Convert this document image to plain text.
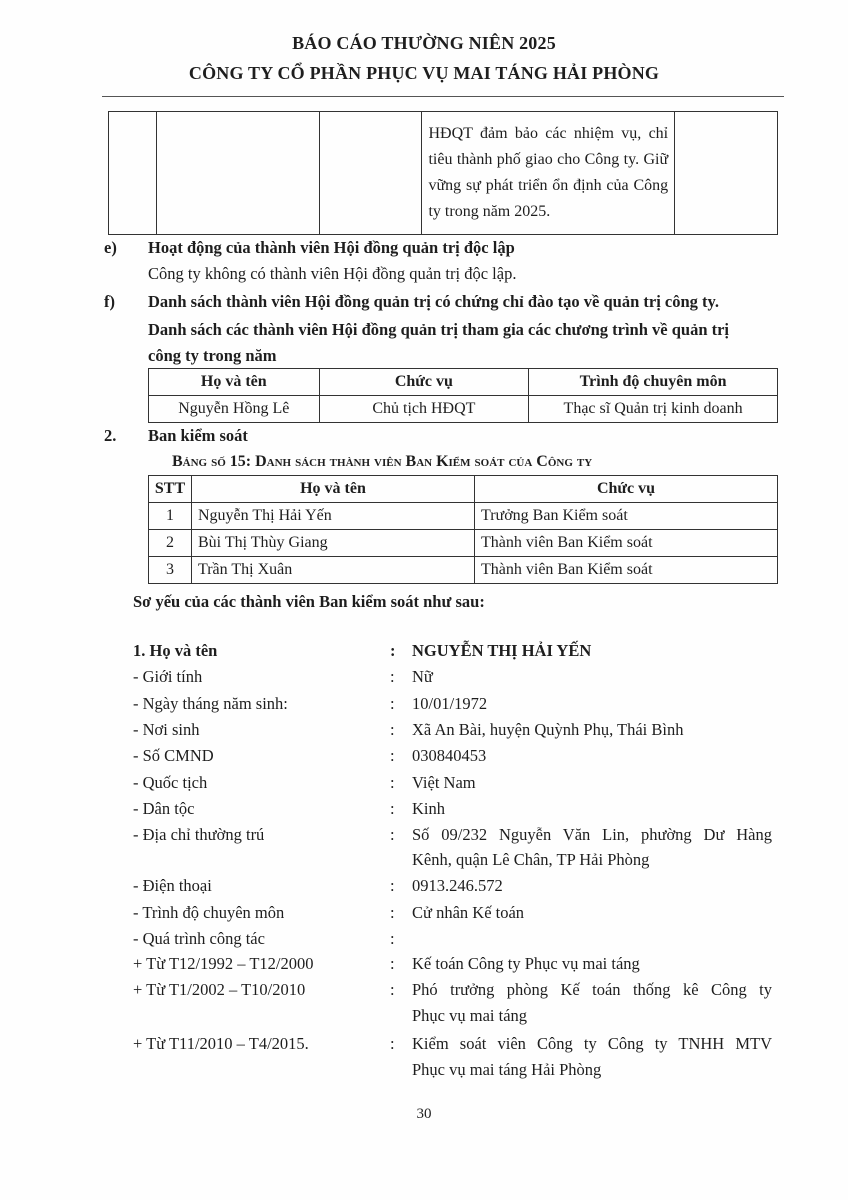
BÁO CÁO THƯỜNG NIÊN 2025
CÔNG TY CỔ PHẦN PHỤC VỤ MAI TÁNG HẢI PHÒNG

HĐQT đảm bảo các nhiệm vụ, chỉ tiêu thành phố giao cho Công ty. Giữ vững sự phát triển ổn định của Công ty trong năm 2025.

e) Hoạt động của thành viên Hội đồng quản trị độc lập
Công ty không có thành viên Hội đồng quản trị độc lập.
f) Danh sách thành viên Hội đồng quản trị có chứng chỉ đào tạo về quản trị công ty.
Danh sách các thành viên Hội đồng quản trị tham gia các chương trình về quản trị
công ty trong năm
Họ và tên	Chức vụ	Trình độ chuyên môn
Nguyễn Hồng Lê	Chủ tịch HĐQT	Thạc sĩ Quản trị kinh doanh
2. Ban kiểm soát
Bảng số 15: Danh sách thành viên Ban Kiểm soát của Công ty
STT	Họ và tên	Chức vụ
1	Nguyễn Thị Hải Yến	Trưởng Ban Kiểm soát
2	Bùi Thị Thùy Giang	Thành viên Ban Kiểm soát
3	Trần Thị Xuân	Thành viên Ban Kiểm soát
Sơ yếu của các thành viên Ban kiểm soát như sau:
1. Họ và tên	: NGUYỄN THỊ HẢI YẾN
- Giới tính	: Nữ
- Ngày tháng năm sinh:	: 10/01/1972
- Nơi sinh	: Xã An Bài, huyện Quỳnh Phụ, Thái Bình
- Số CMND	: 030840453
- Quốc tịch	: Việt Nam
- Dân tộc	: Kinh
- Địa chỉ thường trú	: Số 09/232 Nguyễn Văn Lin, phường Dư Hàng
Kênh, quận Lê Chân, TP Hải Phòng
- Điện thoại	: 0913.246.572
- Trình độ chuyên môn	: Cử nhân Kế toán
- Quá trình công tác	:
+ Từ T12/1992 – T12/2000	: Kế toán Công ty Phục vụ mai táng
+ Từ T1/2002 – T10/2010	: Phó trưởng phòng Kế toán thống kê Công ty
Phục vụ mai táng
+ Từ T11/2010 – T4/2015.	: Kiểm soát viên Công ty Công ty TNHH MTV
Phục vụ mai táng Hải Phòng
30
